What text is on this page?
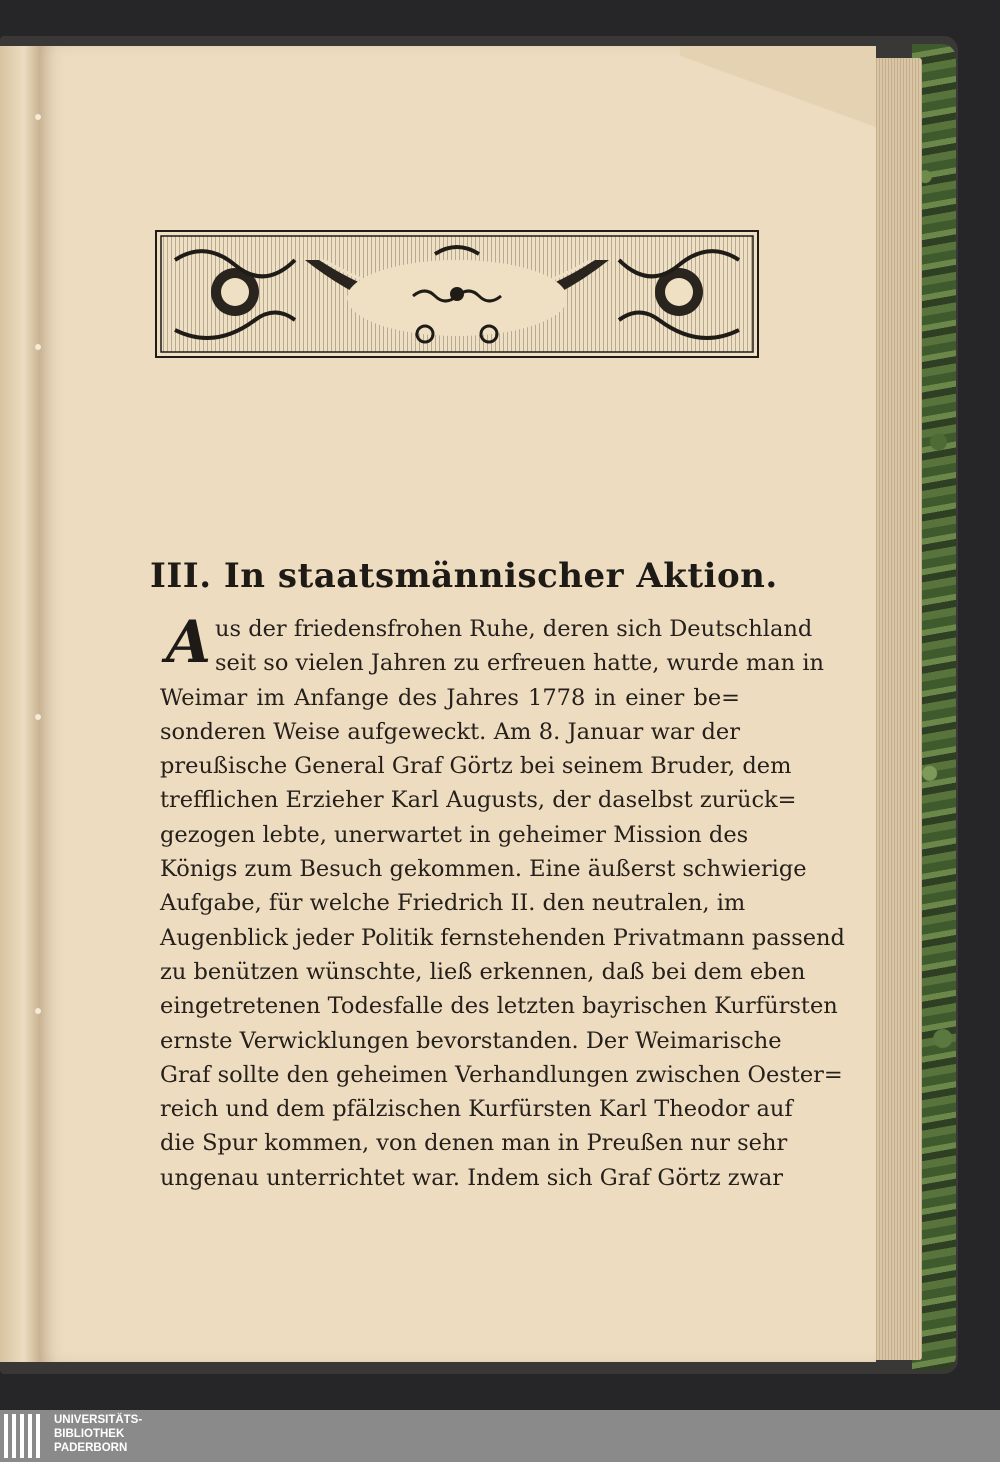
III. In staatsmännischer Aktion.
A us der friedensfrohen Ruhe, deren sich Deutschland
seit so vielen Jahren zu erfreuen hatte, wurde man in
Weimar im Anfange des Jahres 1778 in einer be=
sonderen Weise aufgeweckt. Am 8. Januar war der
preußische General Graf Görtz bei seinem Bruder, dem
trefflichen Erzieher Karl Augusts, der daselbst zurück=
gezogen lebte, unerwartet in geheimer Mission des
Königs zum Besuch gekommen. Eine äußerst schwierige
Aufgabe, für welche Friedrich II. den neutralen, im
Augenblick jeder Politik fernstehenden Privatmann passend
zu benützen wünschte, ließ erkennen, daß bei dem eben
eingetretenen Todesfalle des letzten bayrischen Kurfürsten
ernste Verwicklungen bevorstanden. Der Weimarische
Graf sollte den geheimen Verhandlungen zwischen Oester=
reich und dem pfälzischen Kurfürsten Karl Theodor auf
die Spur kommen, von denen man in Preußen nur sehr
ungenau unterrichtet war. Indem sich Graf Görtz zwar
UNIVERSITÄTS-
BIBLIOTHEK
PADERBORN
